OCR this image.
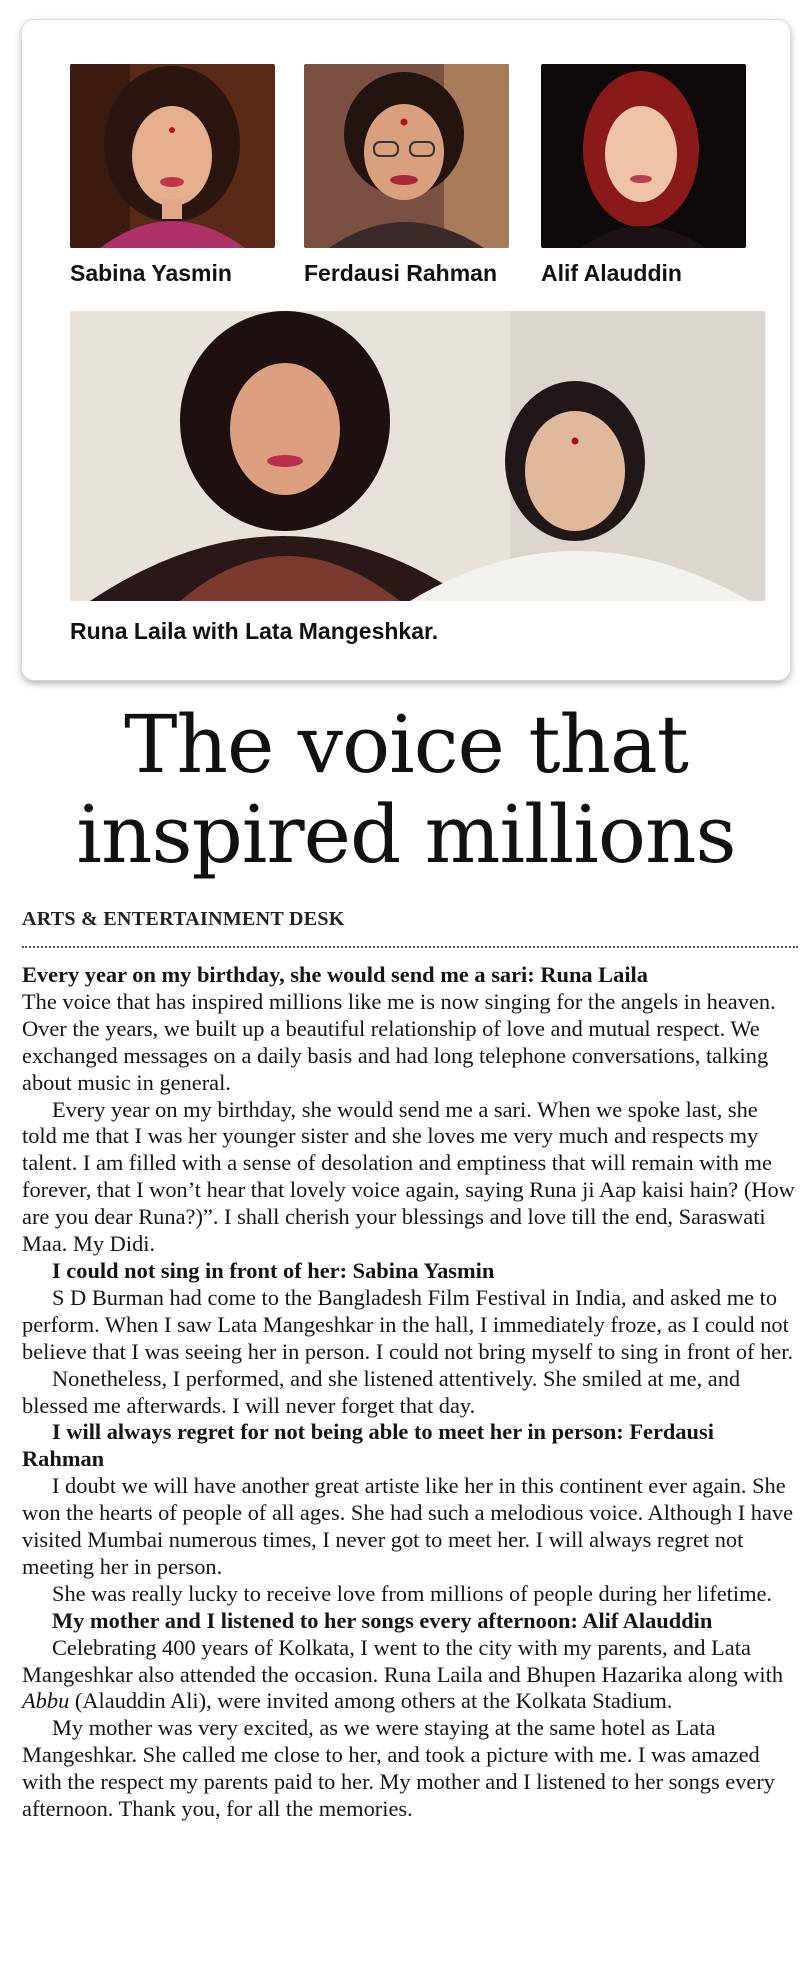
Sabina Yasmin	Ferdausi Rahman Alif Alauddin
Runa Laila with Lata Mangeshkar.
The voice that
inspired millions
ARTS & ENTERTAINMENT DESK

Every year on my birthday, she would send me a sari: Runa Laila

The voice that has inspired millions like me is now singing for the angels in heaven. Over the years, we built up a beautiful relationship of love and mutual respect. We exchanged messages on a daily basis and had long telephone conversations, talking about music in general.

Every year on my birthday, she would send me a sari. When we spoke last, she told me that I was her younger sister and she loves me very much and respects my talent. I am filled with a sense of desolation and emptiness that will remain with me forever, that I won’t hear that lovely voice again, saying Runa ji Aap kaisi hain? (How are you dear Runa?)”. I shall cherish your blessings and love till the end, Saraswati Maa. My Didi.

I could not sing in front of her: Sabina Yasmin

S D Burman had come to the Bangladesh Film Festival in India, and asked me to perform. When I saw Lata Mangeshkar in the hall, I immediately froze, as I could not believe that I was seeing her in person. I could not bring myself to sing in front of her.

Nonetheless, I performed, and she listened attentively. She smiled at me, and blessed me afterwards. I will never forget that day.

I will always regret for not being able to meet her in person: Ferdausi Rahman

I doubt we will have another great artiste like her in this continent ever again. She won the hearts of people of all ages. She had such a melodious voice. Although I have visited Mumbai numerous times, I never got to meet her. I will always regret not meeting her in person.

She was really lucky to receive love from millions of people during her lifetime.

My mother and I listened to her songs every afternoon: Alif Alauddin

Celebrating 400 years of Kolkata, I went to the city with my parents, and Lata Mangeshkar also attended the occasion. Runa Laila and Bhupen Hazarika along with Abbu (Alauddin Ali), were invited among others at the Kolkata Stadium.

My mother was very excited, as we were staying at the same hotel as Lata Mangeshkar. She called me close to her, and took a picture with me. I was amazed with the respect my parents paid to her. My mother and I listened to her songs every afternoon. Thank you, for all the memories.
